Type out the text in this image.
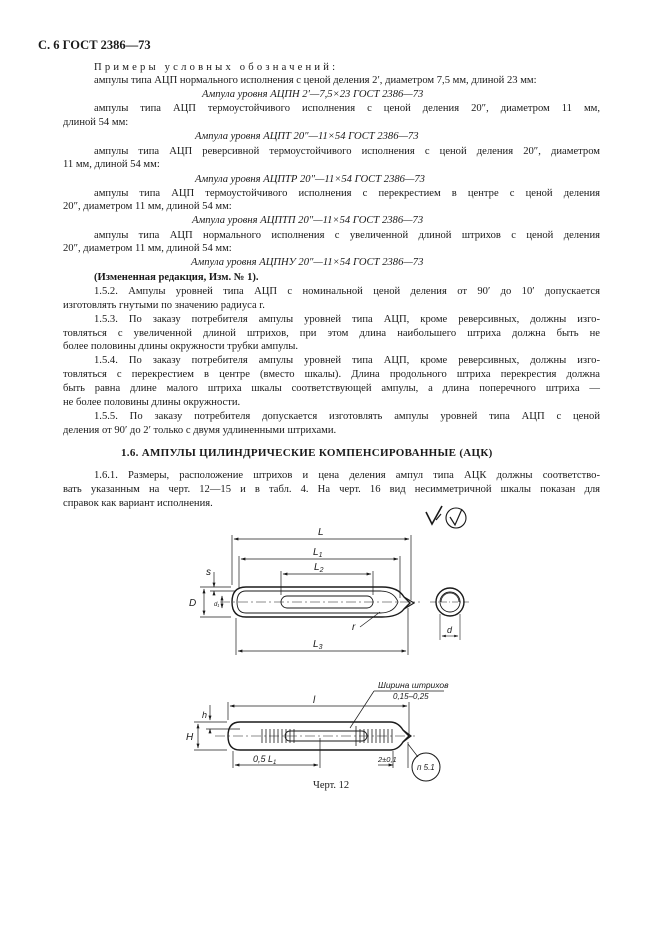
С. 6 ГОСТ 2386—73
Примеры условных обозначений:
ампулы типа АЦП нормального исполнения с ценой деления 2′, диаметром 7,5 мм, длиной 23 мм:
Ампула уровня АЦПН 2′—7,5×23 ГОСТ 2386—73
ампулы типа АЦП термоустойчивого исполнения с ценой деления 20″, диаметром 11 мм,
длиной 54 мм:
Ампула уровня АЦПТ 20″—11×54 ГОСТ 2386—73
ампулы типа АЦП реверсивной термоустойчивого исполнения с ценой деления 20″, диаметром
11 мм, длиной 54 мм:
Ампула уровня АЦПТР 20″—11×54 ГОСТ 2386—73
ампулы типа АЦП термоустойчивого исполнения с перекрестием в центре с ценой деления
20″, диаметром 11 мм, длиной 54 мм:
Ампула уровня АЦПТП 20″—11×54 ГОСТ 2386—73
ампулы типа АЦП нормального исполнения с увеличенной длиной штрихов с ценой деления
20″, диаметром 11 мм, длиной 54 мм:
Ампула уровня АЦПНУ 20″—11×54 ГОСТ 2386—73
(Измененная редакция, Изм. № 1).
1.5.2. Ампулы уровней типа АЦП с номинальной ценой деления от 90′ до 10′ допускается
изготовлять гнутыми по значению радиуса r.
1.5.3. По заказу потребителя ампулы уровней типа АЦП, кроме реверсивных, должны изго-
товляться с увеличенной длиной штрихов, при этом длина наибольшего штриха должна быть не
более половины длины окружности трубки ампулы.
1.5.4. По заказу потребителя ампулы уровней типа АЦП, кроме реверсивных, должны изго-
товляться с перекрестием в центре (вместо шкалы). Длина продольного штриха перекрестия должна
быть равна длине малого штриха шкалы соответствующей ампулы, а длина поперечного штриха —
не более половины длины окружности.
1.5.5. По заказу потребителя допускается изготовлять ампулы уровней типа АЦП с ценой
деления от 90′ до 2′ только с двумя удлиненными штрихами.
1.6. АМПУЛЫ ЦИЛИНДРИЧЕСКИЕ КОМПЕНСИРОВАННЫЕ (АЦК)
1.6.1. Размеры, расположение штрихов и цена деления ампул типа АЦК должны соответство-
вать указанным на черт. 12—15 и в табл. 4. На черт. 16 вид несимметричной шкалы показан для
справок как вариант исполнения.
L
$L_1$
$L_2$
$L_3$
D
s
d₁
r	d
l
0,5 $L_1$
H
h
Ширина штрихов
0,15–0,25
2±0,1
п 5.1
Черт. 12
